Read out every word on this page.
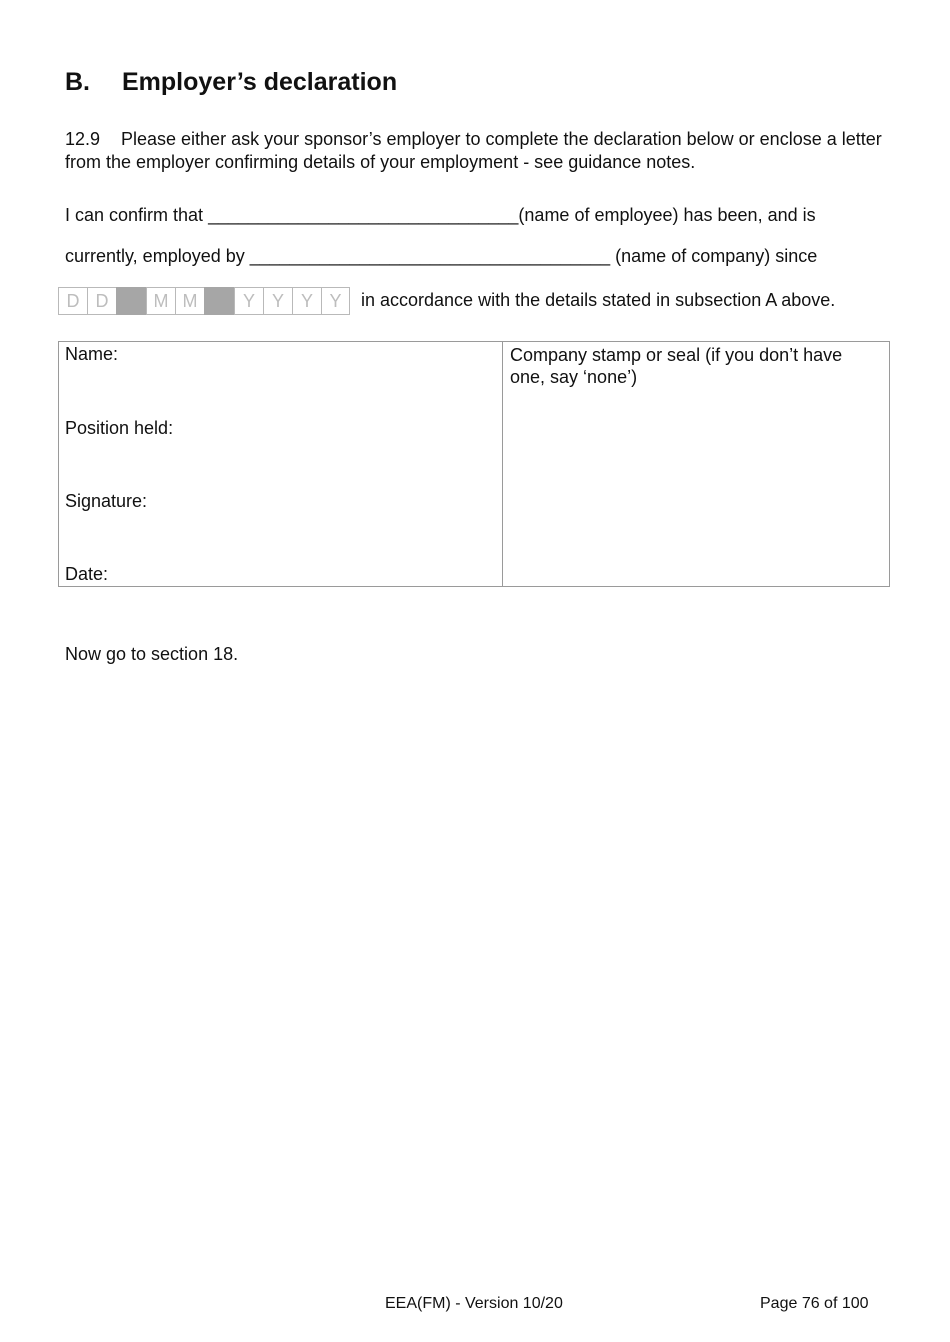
B. Employer’s declaration
12.9 Please either ask your sponsor’s employer to complete the declaration below or enclose a letter from the employer confirming details of your employment - see guidance notes.
I can confirm that _______________________________(name of employee) has been, and is
currently, employed by ____________________________________ (name of company) since
D D	M M	Y Y Y Y	in accordance with the details stated in subsection A above.
Name:
Position held:
Signature:
Date:

Company stamp or seal (if you don’t have one, say ‘none’)
Now go to section 18.
EEA(FM) - Version 10/20	Page 76 of 100
